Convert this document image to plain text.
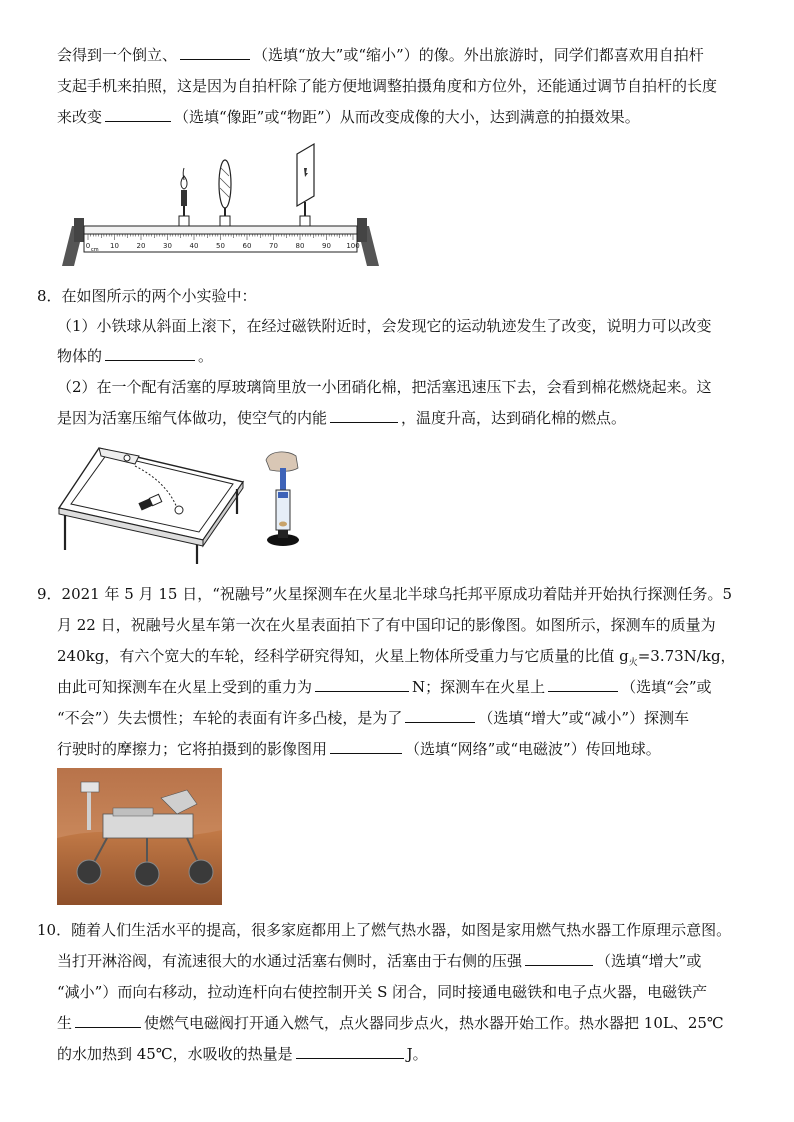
会得到一个倒立、	（选填“放大”或“缩小”）的像。外出旅游时，同学们都喜欢用自拍杆
支起手机来拍照，这是因为自拍杆除了能方便地调整拍摄角度和方位外，还能通过调节自拍杆的长度
来改变	（选填“像距”或“物距”）从而改变成像的大小，达到满意的拍摄效果。
0	10	20	30	40	50	60	70	80	90 100
cm
8．在如图所示的两个小实验中：
（1）小铁球从斜面上滚下，在经过磁铁附近时，会发现它的运动轨迹发生了改变，说明力可以改变
物体的	。
（2）在一个配有活塞的厚玻璃筒里放一小团硝化棉，把活塞迅速压下去，会看到棉花燃烧起来。这
是因为活塞压缩气体做功，使空气的内能	，温度升高，达到硝化棉的燃点。
9．2021 年 5 月 15 日，“祝融号”火星探测车在火星北半球乌托邦平原成功着陆并开始执行探测任务。5
月 22 日，祝融号火星车第一次在火星表面拍下了有中国印记的影像图。如图所示，探测车的质量为
240kg，有六个宽大的车轮，经科学研究得知，火星上物体所受重力与它质量的比值 $g_火=3.73N/kg$，
由此可知探测车在火星上受到的重力为	N；探测车在火星上	（选填“会”或
“不会”）失去惯性；车轮的表面有许多凸棱，是为了	（选填“增大”或“减小”）探测车
行驶时的摩擦力；它将拍摄到的影像图用	（选填“网络”或“电磁波”）传回地球。
10．随着人们生活水平的提高，很多家庭都用上了燃气热水器，如图是家用燃气热水器工作原理示意图。
当打开淋浴阀，有流速很大的水通过活塞右侧时，活塞由于右侧的压强	（选填“增大”或
“减小”）而向右移动，拉动连杆向右使控制开关 S 闭合，同时接通电磁铁和电子点火器，电磁铁产
生	使燃气电磁阀打开通入燃气，点火器同步点火，热水器开始工作。热水器把 10L、25℃
的水加热到 45℃，水吸收的热量是	J。
